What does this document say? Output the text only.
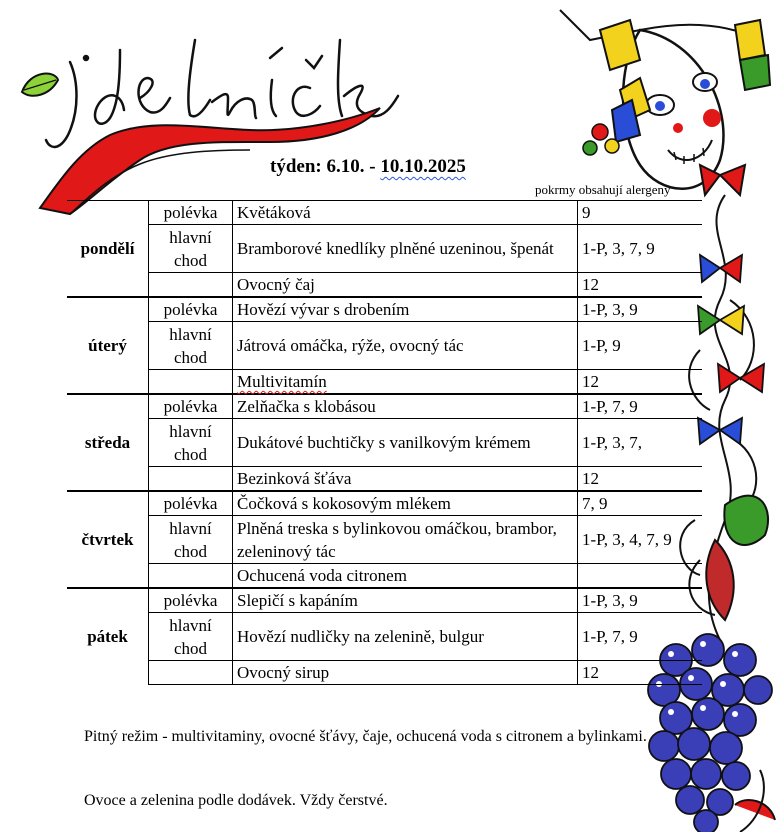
týden: 6.10. - 10.10.2025
pokrmy obsahují alergeny
pondělí	polévka	Květáková	9
	hlavní chod	Bramborové knedlíky plněné uzeninou, špenát	1-P, 3, 7, 9
		Ovocný čaj	12
úterý	polévka	Hovězí vývar s drobením	1-P, 3, 9
	hlavní chod	Játrová omáčka, rýže, ovocný tác	1-P, 9
		Multivitamín	12
středa	polévka	Zelňačka s klobásou	1-P, 7, 9
	hlavní chod	Dukátové buchtičky s vanilkovým krémem	1-P, 3, 7,
		Bezinková šťáva	12
čtvrtek	polévka	Čočková s kokosovým mlékem	7, 9
	hlavní chod	Plněná treska s bylinkovou omáčkou, brambor, zeleninový tác	1-P, 3, 4, 7, 9
		Ochucená voda citronem	
pátek	polévka	Slepičí s kapáním	1-P, 3, 9
	hlavní chod	Hovězí nudličky na zelenině, bulgur	1-P, 7, 9
		Ovocný sirup	12
Pitný režim - multivitaminy, ovocné šťávy, čaje, ochucená voda s citronem a bylinkami.
Ovoce a zelenina podle dodávek. Vždy čerstvé.
